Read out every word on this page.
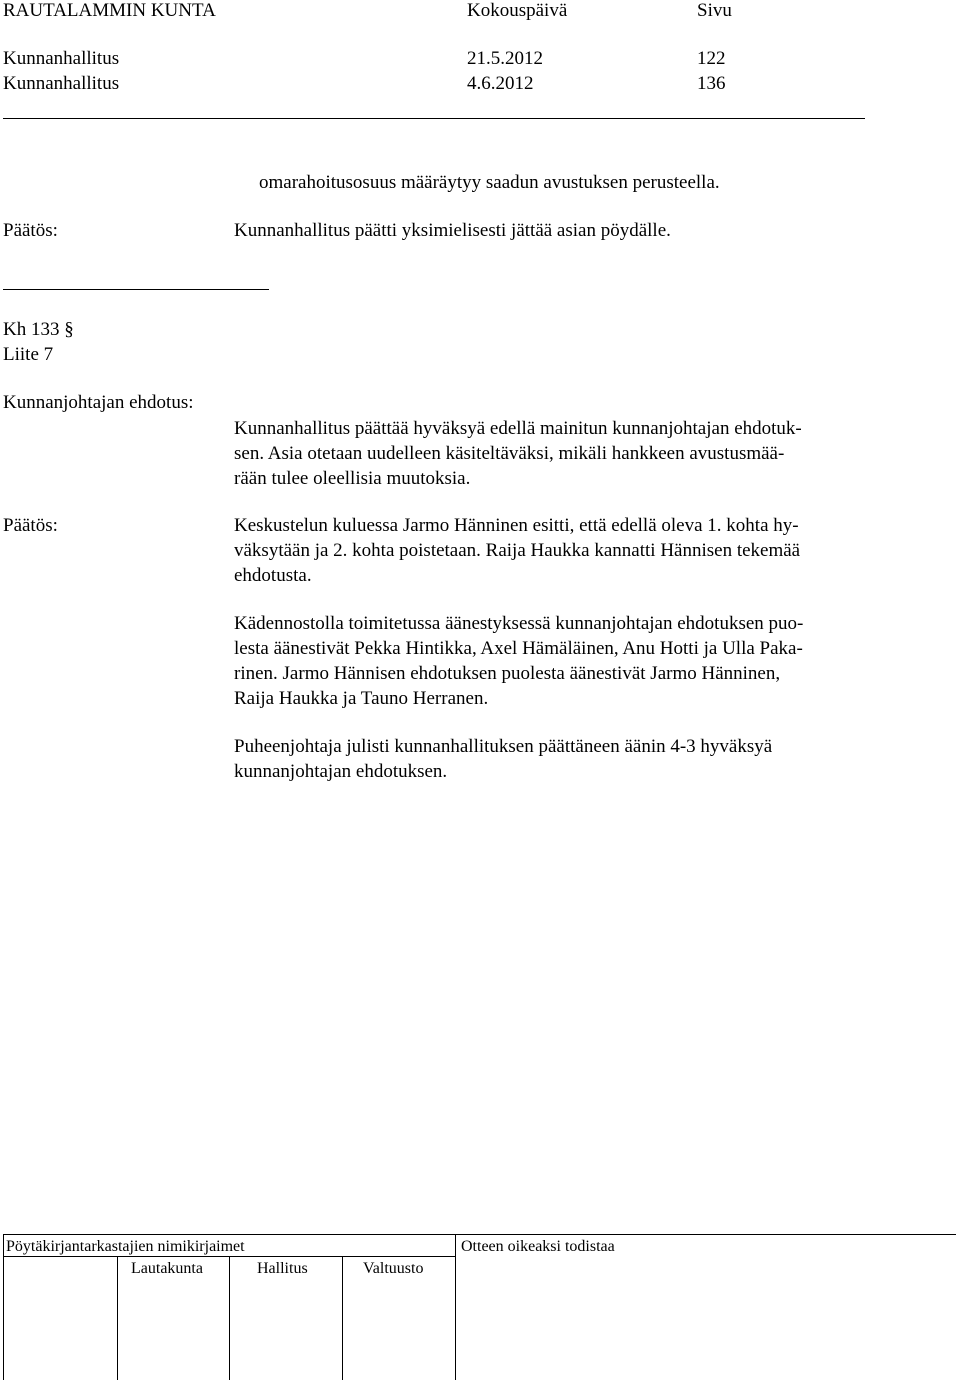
RAUTALAMMIN KUNTA	Kokouspäivä	Sivu
Kunnanhallitus	21.5.2012	122
Kunnanhallitus	4.6.2012	136
omarahoitusosuus määräytyy saadun avustuksen perusteella.
Päätös:	Kunnanhallitus päätti yksimielisesti jättää asian pöydälle.
Kh 133 §
Liite 7
Kunnanjohtajan ehdotus:
Kunnanhallitus päättää hyväksyä edellä mainitun kunnanjohtajan ehdotuk-
sen. Asia otetaan uudelleen käsiteltäväksi, mikäli hankkeen avustusmää-
rään tulee oleellisia muutoksia.
Päätös:	Keskustelun kuluessa Jarmo Hänninen esitti, että edellä oleva 1. kohta hy-
väksytään ja 2. kohta poistetaan. Raija Haukka kannatti Hännisen tekemää
ehdotusta.
Kädennostolla toimitetussa äänestyksessä kunnanjohtajan ehdotuksen puo-
lesta äänestivät Pekka Hintikka, Axel Hämäläinen, Anu Hotti ja Ulla Paka-
rinen. Jarmo Hännisen ehdotuksen puolesta äänestivät Jarmo Hänninen,
Raija Haukka ja Tauno Herranen.
Puheenjohtaja julisti kunnanhallituksen päättäneen äänin 4-3 hyväksyä
kunnanjohtajan ehdotuksen.
Pöytäkirjantarkastajien nimikirjaimet	Otteen oikeaksi todistaa
Lautakunta	Hallitus	Valtuusto
